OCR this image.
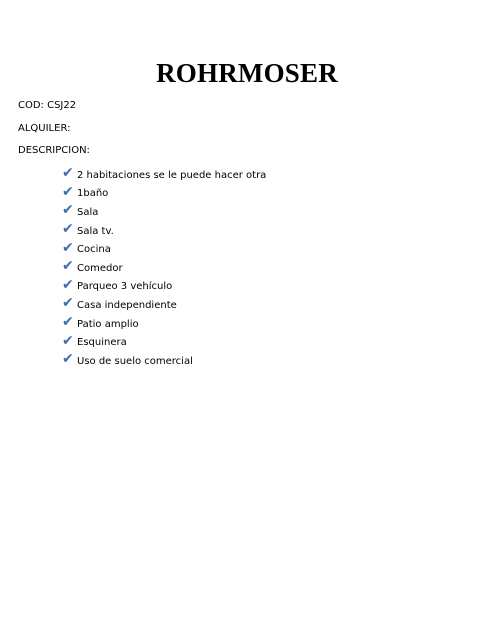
ROHRMOSER
COD: CSJ22
ALQUILER:
DESCRIPCION:
✔ 2 habitaciones se le puede hacer otra
✔ 1baño
✔ Sala
✔ Sala tv.
✔ Cocina
✔ Comedor
✔ Parqueo 3 vehículo
✔ Casa independiente
✔ Patio amplio
✔ Esquinera
✔ Uso de suelo comercial
